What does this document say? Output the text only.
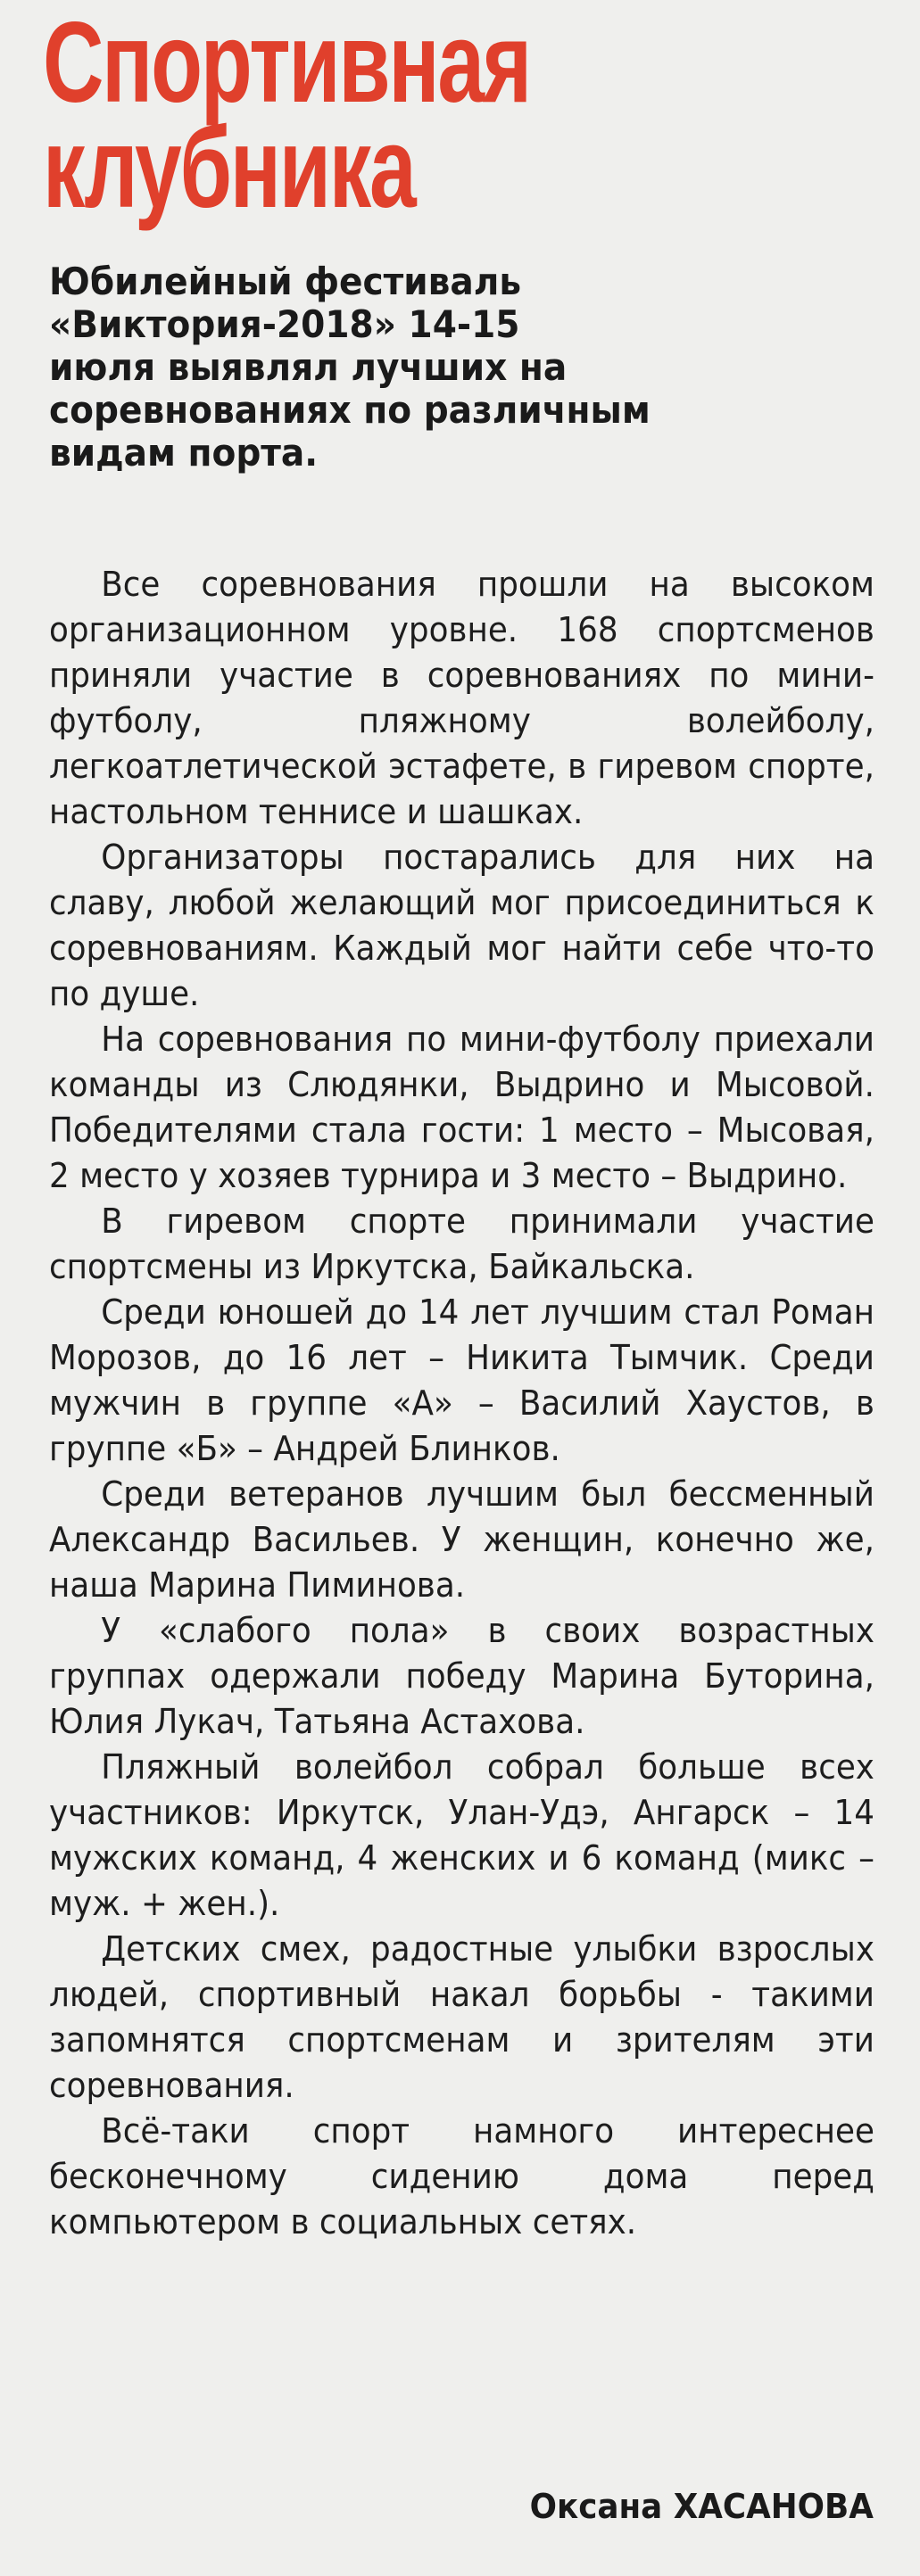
Спортивная
клубника
Юбилейный фестиваль
«Виктория-2018» 14-15
июля выявлял лучших на
соревнованиях по различным
видам порта.

Все соревнования прошли на высоком организационном уровне. 168 спортсменов приняли участие в соревнованиях по мини-футболу, пляжному волейболу, легкоатлетической эстафете, в гиревом спорте, настольном теннисе и шашках.

Организаторы постарались для них на славу, любой желающий мог присоединиться к соревнованиям. Каждый мог найти себе что-то по душе.

На соревнования по мини-футболу приехали команды из Слюдянки, Выдрино и Мысовой. Победителями стала гости: 1 место – Мысовая, 2 место у хозяев турнира и 3 место – Выдрино.

В гиревом спорте принимали участие спортсмены из Иркутска, Байкальска.

Среди юношей до 14 лет лучшим стал Роман Морозов, до 16 лет – Никита Тымчик. Среди мужчин в группе «А» – Василий Хаустов, в группе «Б» – Андрей Блинков.

Среди ветеранов лучшим был бессменный Александр Васильев. У женщин, конечно же, наша Марина Пиминова.

У «слабого пола» в своих возрастных группах одержали победу Марина Буторина, Юлия Лукач, Татьяна Астахова.

Пляжный волейбол собрал больше всех участников: Иркутск, Улан-Удэ, Ангарск – 14 мужских команд, 4 женских и 6 команд (микс – муж. + жен.).

Детских смех, радостные улыбки взрослых людей, спортивный накал борьбы - такими запомнятся спортсменам и зрителям эти соревнования.

Всё-таки спорт намного интереснее бесконечному сидению дома перед компьютером в социальных сетях.

Оксана ХАСАНОВА
